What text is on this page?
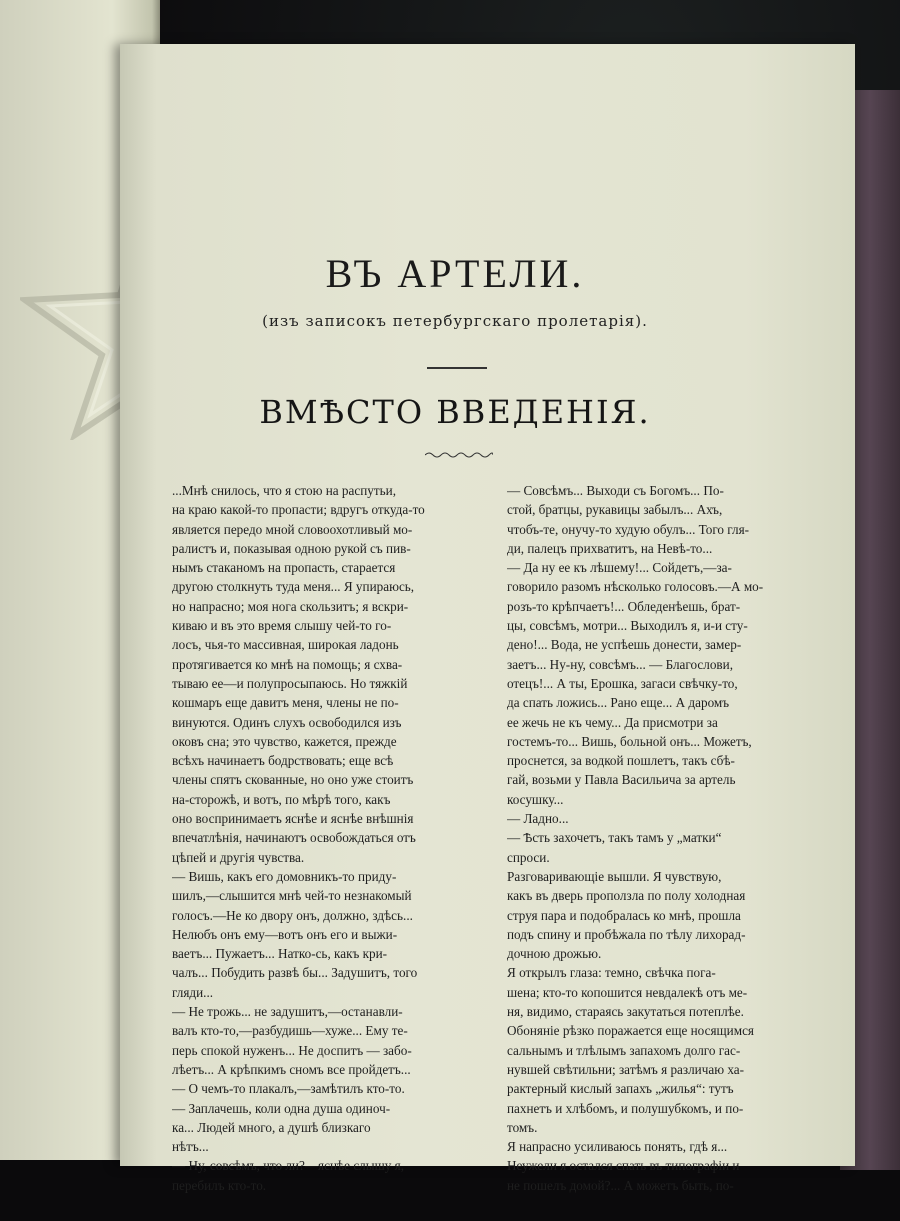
ВЪ АРТЕЛИ.
(изъ записокъ петербургскаго пролетарія).
ВМѢСТО ВВЕДЕНІЯ.
...Мнѣ снилось, что я стою на распутьи,
на краю какой-то пропасти; вдругъ откуда-то
является передо мной словоохотливый мо-
ралистъ и, показывая одною рукой съ пив-
нымъ стаканомъ на пропасть, старается
другою столкнуть туда меня... Я упираюсь,
но напрасно; моя нога скользитъ; я вскри-
киваю и въ это время слышу чей-то го-
лосъ, чья-то массивная, широкая ладонь
протягивается ко мнѣ на помощь; я схва-
тываю ее—и полупросыпаюсь. Но тяжкій
кошмаръ еще давитъ меня, члены не по-
винуются. Одинъ слухъ освободился изъ
оковъ сна; это чувство, кажется, прежде
всѣхъ начинаетъ бодрствовать; еще всѣ
члены спятъ скованные, но оно уже стоитъ
на-сторожѣ, и вотъ, по мѣрѣ того, какъ
оно воспринимаетъ яснѣе и яснѣе внѣшнія
впечатлѣнія, начинаютъ освобождаться отъ
цѣпей и другія чувства.
— Вишь, какъ его домовникъ-то приду-
шилъ,—слышится мнѣ чей-то незнакомый
голосъ.—Не ко двору онъ, должно, здѣсь...
Нелюбъ онъ ему—вотъ онъ его и выжи-
ваетъ... Пужаетъ... Натко-сь, какъ кри-
чалъ... Побудить развѣ бы... Задушитъ, того
гляди...
— Не трожь... не задушитъ,—останавли-
валъ кто-то,—разбудишь—хуже... Ему те-
перь спокой нуженъ... Не доспитъ — забо-
лѣетъ... А крѣпкимъ сномъ все пройдетъ...
— О чемъ-то плакалъ,—замѣтилъ кто-то.
— Заплачешь, коли одна душа одиноч-
ка... Людей много, а душѣ близкаго
нѣтъ...
— Ну, совсѣмъ, что ли?—яснѣе слышу я,
перебилъ кто-то.
— Совсѣмъ... Выходи съ Богомъ... По-
стой, братцы, рукавицы забылъ... Ахъ,
чтобъ-те, онучу-то худую обулъ... Того гля-
ди, палецъ прихватитъ, на Невѣ-то...
— Да ну ее къ лѣшему!... Сойдетъ,—за-
говорило разомъ нѣсколько голосовъ.—А мо-
розъ-то крѣпчаетъ!... Обледенѣешь, брат-
цы, совсѣмъ, мотри... Выходилъ я, и-и сту-
дено!... Вода, не успѣешь донести, замер-
заетъ... Ну-ну, совсѣмъ... — Благослови,
отецъ!... А ты, Ерошка, загаси свѣчку-то,
да спать ложись... Рано еще... А даромъ
ее жечь не къ чему... Да присмотри за
гостемъ-то... Вишь, больной онъ... Можетъ,
проснется, за водкой пошлетъ, такъ сбѣ-
гай, возьми у Павла Васильича за артель
косушку...
— Ладно...
— Ѣсть захочетъ, такъ тамъ у „матки“
спроси.
Разговаривающіе вышли. Я чувствую,
какъ въ дверь проползла по полу холодная
струя пара и подобралась ко мнѣ, прошла
подъ спину и пробѣжала по тѣлу лихорад-
дочною дрожью.
Я открылъ глаза: темно, свѣчка пога-
шена; кто-то копошится невдалекѣ отъ ме-
ня, видимо, стараясь закутаться потеплѣе.
Обоняніе рѣзко поражается еще носящимся
сальнымъ и тлѣлымъ запахомъ долго гас-
нувшей свѣтильни; затѣмъ я различаю ха-
рактерный кислый запахъ „жилья“: тутъ
пахнетъ и хлѣбомъ, и полушубкомъ, и по-
томъ.
Я напрасно усиливаюсь понять, гдѣ я...
Неужели я остался спать въ типографіи и
не пошелъ домой?... А можетъ быть, по-
